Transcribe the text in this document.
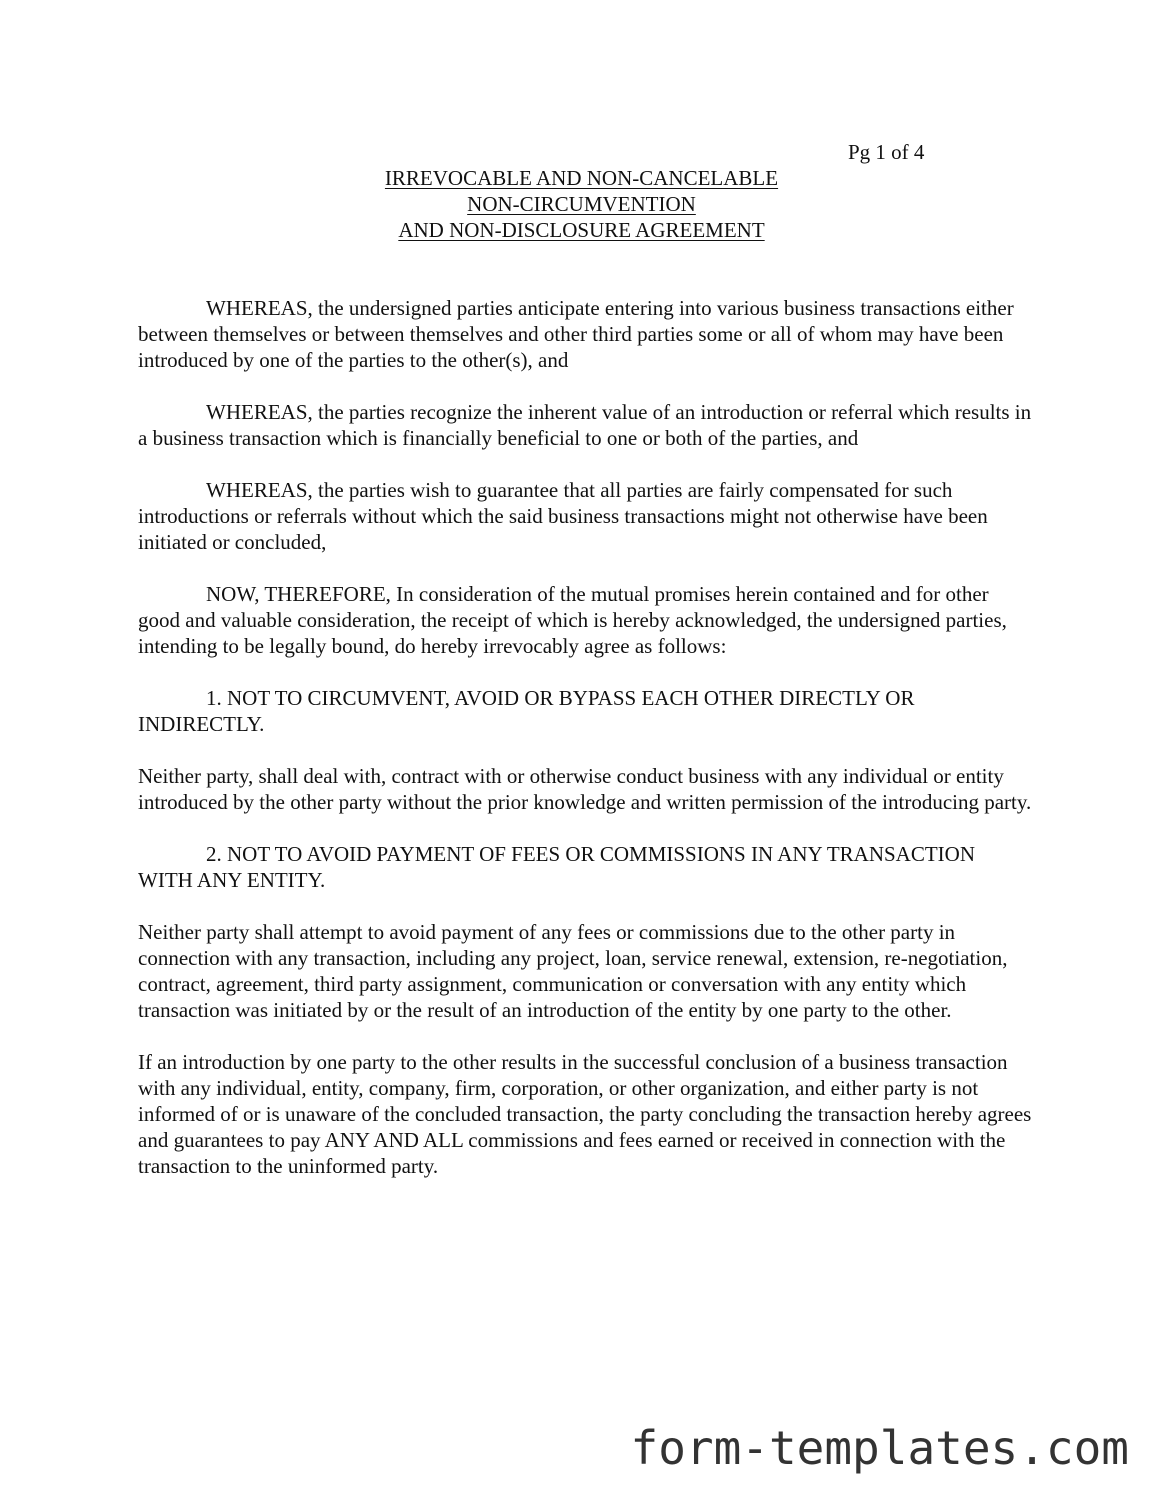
Pg 1 of 4
IRREVOCABLE AND NON-CANCELABLE
NON-CIRCUMVENTION
AND NON-DISCLOSURE AGREEMENT

WHEREAS, the undersigned parties anticipate entering into various business transactions either between themselves or between themselves and other third parties some or all of whom may have been introduced by one of the parties to the other(s), and

WHEREAS, the parties recognize the inherent value of an introduction or referral which results in a business transaction which is financially beneficial to one or both of the parties, and

WHEREAS, the parties wish to guarantee that all parties are fairly compensated for such introductions or referrals without which the said business transactions might not otherwise have been initiated or concluded,

NOW, THEREFORE, In consideration of the mutual promises herein contained and for other good and valuable consideration, the receipt of which is hereby acknowledged, the undersigned parties, intending to be legally bound, do hereby irrevocably agree as follows:

1. NOT TO CIRCUMVENT, AVOID OR BYPASS EACH OTHER DIRECTLY OR INDIRECTLY.

Neither party, shall deal with, contract with or otherwise conduct business with any individual or entity introduced by the other party without the prior knowledge and written permission of the introducing party.

2. NOT TO AVOID PAYMENT OF FEES OR COMMISSIONS IN ANY TRANSACTION WITH ANY ENTITY.

Neither party shall attempt to avoid payment of any fees or commissions due to the other party in connection with any transaction, including any project, loan, service renewal, extension, re-negotiation, contract, agreement, third party assignment, communication or conversation with any entity which transaction was initiated by or the result of an introduction of the entity by one party to the other.

If an introduction by one party to the other results in the successful conclusion of a business transaction with any individual, entity, company, firm, corporation, or other organization, and either party is not informed of or is unaware of the concluded transaction, the party concluding the transaction hereby agrees and guarantees to pay ANY AND ALL commissions and fees earned or received in connection with the transaction to the uninformed party.

form-templates.com
